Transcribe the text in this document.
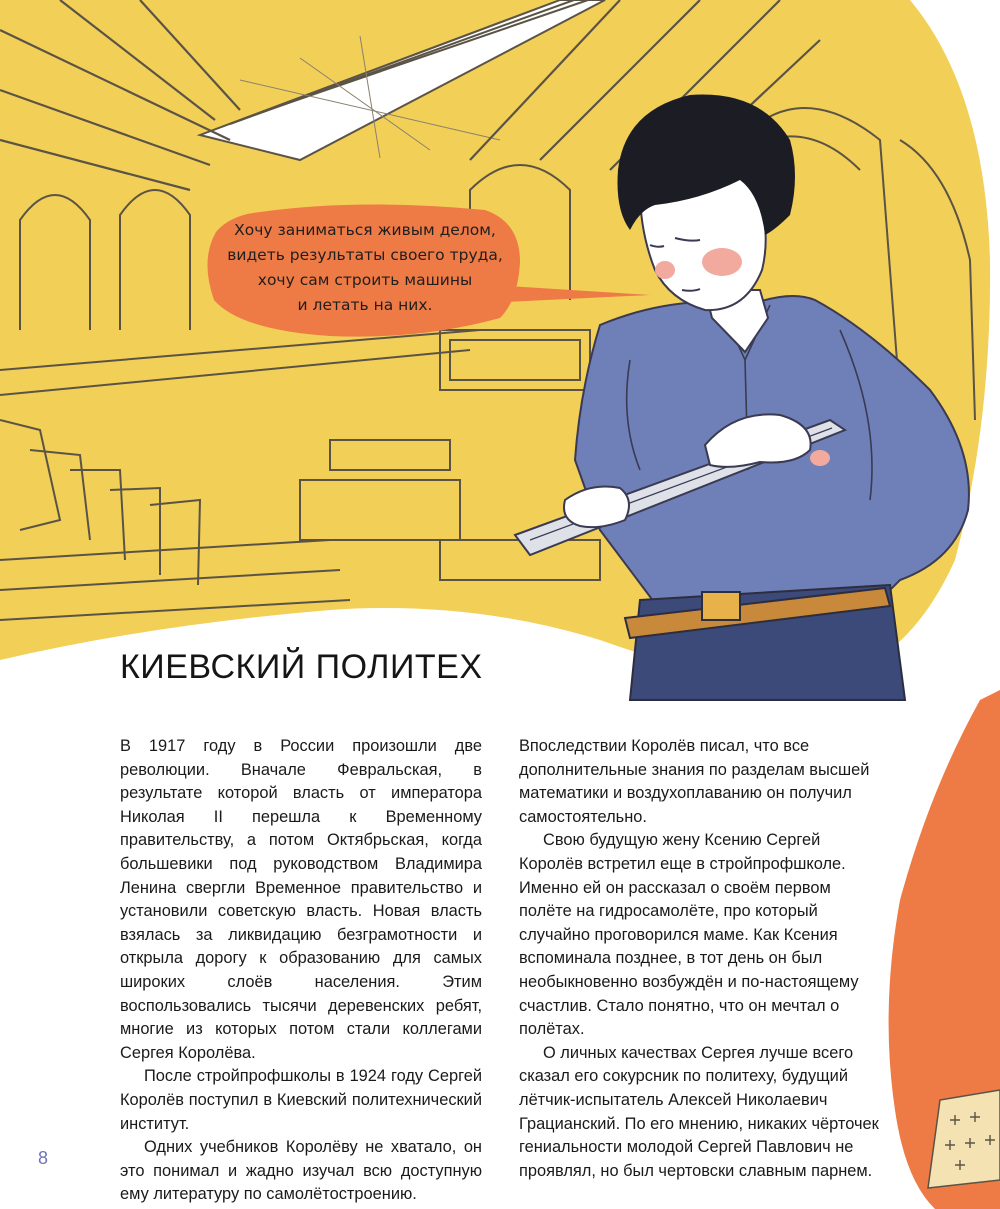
Хочу заниматься живым делом,
видеть результаты своего труда,
хочу сам строить машины
и летать на них.
КИЕВСКИЙ ПОЛИТЕХ

В 1917 году в России произошли две революции. Вначале Февральская, в результате которой власть от императора Николая II перешла к Временному правительству, а потом Октябрьская, когда большевики под руководством Владимира Ленина свергли Временное правительство и установили советскую власть. Новая власть взялась за ликвидацию безграмотности и открыла дорогу к образованию для самых широких слоёв населения. Этим воспользовались тысячи деревенских ребят, многие из которых потом стали коллегами Сергея Королёва.

После стройпрофшколы в 1924 году Сергей Королёв поступил в Киевский политехнический институт.

Одних учебников Королёву не хватало, он это понимал и жадно изучал всю доступную ему литературу по самолётостроению.

Впоследствии Королёв писал, что все дополнительные знания по разделам высшей математики и воздухоплаванию он получил самостоятельно.

Свою будущую жену Ксению Сергей Королёв встретил еще в стройпрофшколе. Именно ей он рассказал о своём первом полёте на гидросамолёте, про который случайно проговорился маме. Как Ксения вспоминала позднее, в тот день он был необыкновенно возбуждён и по-настоящему счастлив. Стало понятно, что он мечтал о полётах.

О личных качествах Сергея лучше всего сказал его сокурсник по политеху, будущий лётчик-испытатель Алексей Николаевич Грацианский. По его мнению, никаких чёрточек гениальности молодой Сергей Павлович не проявлял, но был чертовски славным парнем.

8
